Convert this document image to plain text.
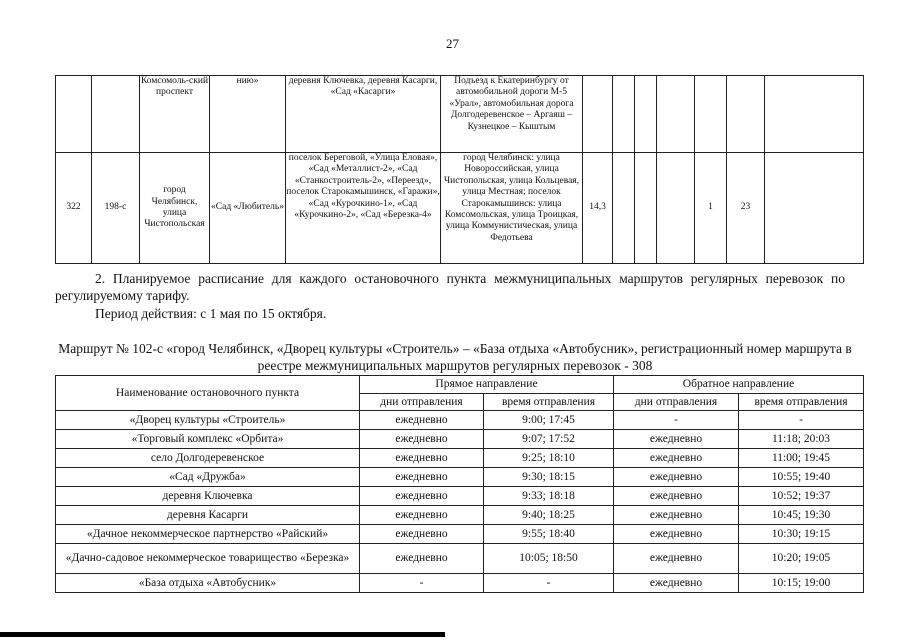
27
		Комсомоль-ский проспект	нию»	деревня Ключевка, деревня Касарги, «Сад «Касарги»	Подъезд к Екатеринбургу от автомобильной дороги М-5 «Урал», автомобильная дорога Долгодеревенское – Аргаяш – Кузнецкое – Кыштым							
322	198-с	город Челябинск, улица Чистопольская	«Сад «Любитель»	поселок Береговой, «Улица Еловая», «Сад «Металлист-2», «Сад «Станкостроитель-2», «Переезд», поселок Старокамышинск, «Гаражи», «Сад «Курочкино-1», «Сад «Курочкино-2», «Сад «Березка-4»	город Челябинск: улица Новороссийская, улица Чистопольская, улица Кольцевая, улица Местная; поселок Старокамышинск: улица Комсомольская, улица Троицкая, улица Коммунистическая, улица Федотьева	14,3				1	23	
2. Планируемое расписание для каждого остановочного пункта межмуниципальных маршрутов регулярных перевозок по регулируемому тарифу.
Период действия: с 1 мая по 15 октября.
Маршрут № 102-с «город Челябинск, «Дворец культуры «Строитель» – «База отдыха «Автобусник», регистрационный номер маршрута в реестре межмуниципальных маршрутов регулярных перевозок - 308
Наименование остановочного пункта	Прямое направление		Обратное направление	
	дни отправления	время отправления	дни отправления	время отправления
«Дворец культуры «Строитель»	ежедневно	9:00; 17:45	-	-
«Торговый комплекс «Орбита»	ежедневно	9:07; 17:52	ежедневно	11:18; 20:03
село Долгодеревенское	ежедневно	9:25; 18:10	ежедневно	11:00; 19:45
«Сад «Дружба»	ежедневно	9:30; 18:15	ежедневно	10:55; 19:40
деревня Ключевка	ежедневно	9:33; 18:18	ежедневно	10:52; 19:37
деревня Касарги	ежедневно	9:40; 18:25	ежедневно	10:45; 19:30
«Дачное некоммерческое партнерство «Райский»	ежедневно	9:55; 18:40	ежедневно	10:30; 19:15
«Дачно-садовое некоммерческое товарищество «Березка»	ежедневно	10:05; 18:50	ежедневно	10:20; 19:05
«База отдыха «Автобусник»	-	-	ежедневно	10:15; 19:00
